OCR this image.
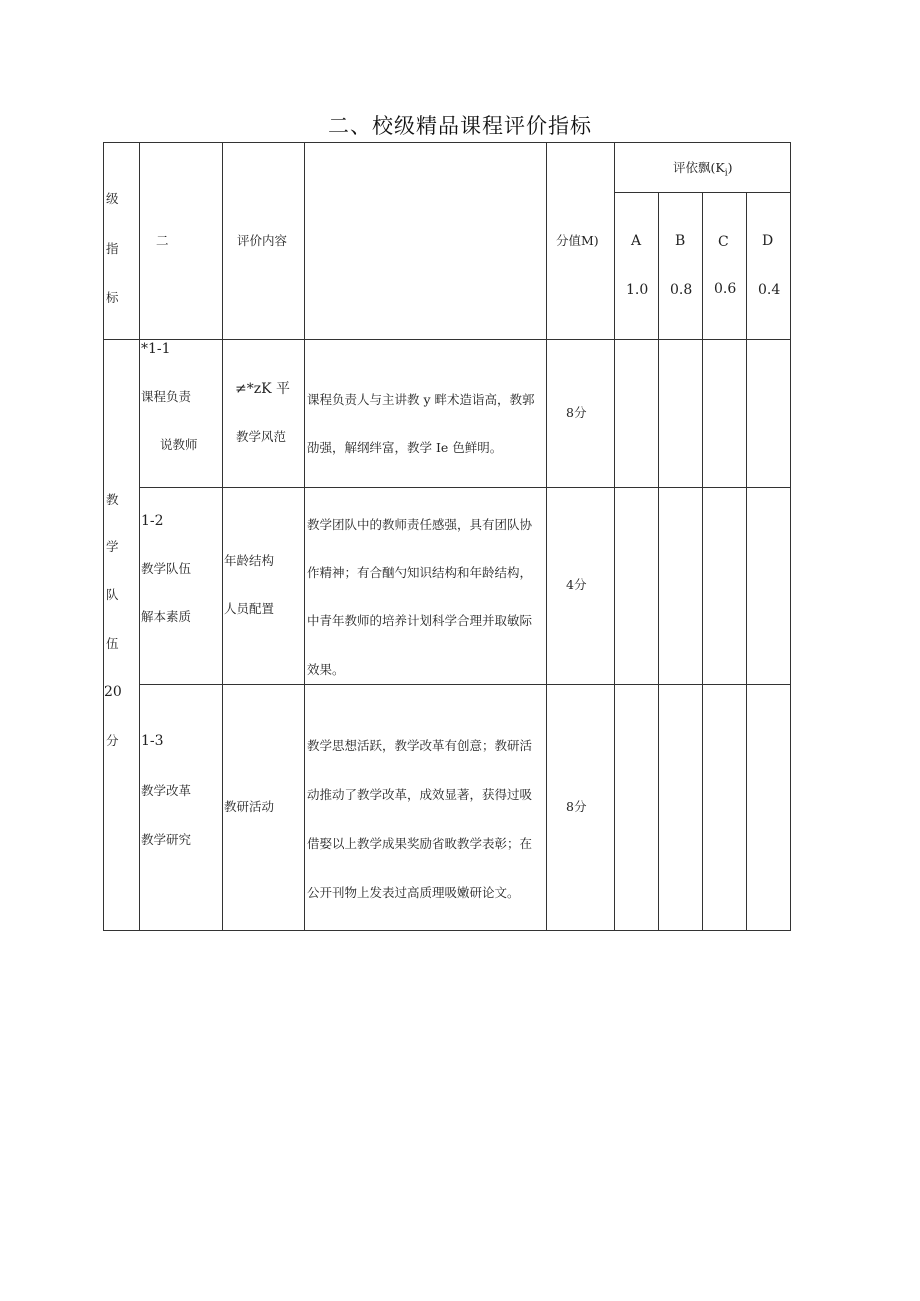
二、校级精品课程评价指标
级
指
标
二	评价内容	分值M)
评依飘$(K_i)$
A B C D
1.0 0.8 0.6 0.4
教
学
队
伍
20
分
*1-1
课程负责
说教师
≠*zK 平
教学风范
课程负责人与主讲教 y 畔术造诣高，教郭
劭强，解纲绊富，教学 Ie 色鲜明。
8分
1-2
教学队伍
解本素质
年龄结构
人员配置
教学团队中的教师责任感强，具有团队协
作精神；有合酗勺知识结构和年龄结构，
中青年教师的培养计划科学合理并取敏际
效果。
4分
1-3
教学改革
教学研究
教研活动
教学思想活跃，教学改革有创意；教研活
动推动了教学改革，成效显著，获得过吸
借娶以上教学成果奖励省畋教学表彰；在
公开刊物上发表过高质理吸嫩研论文。
8分
